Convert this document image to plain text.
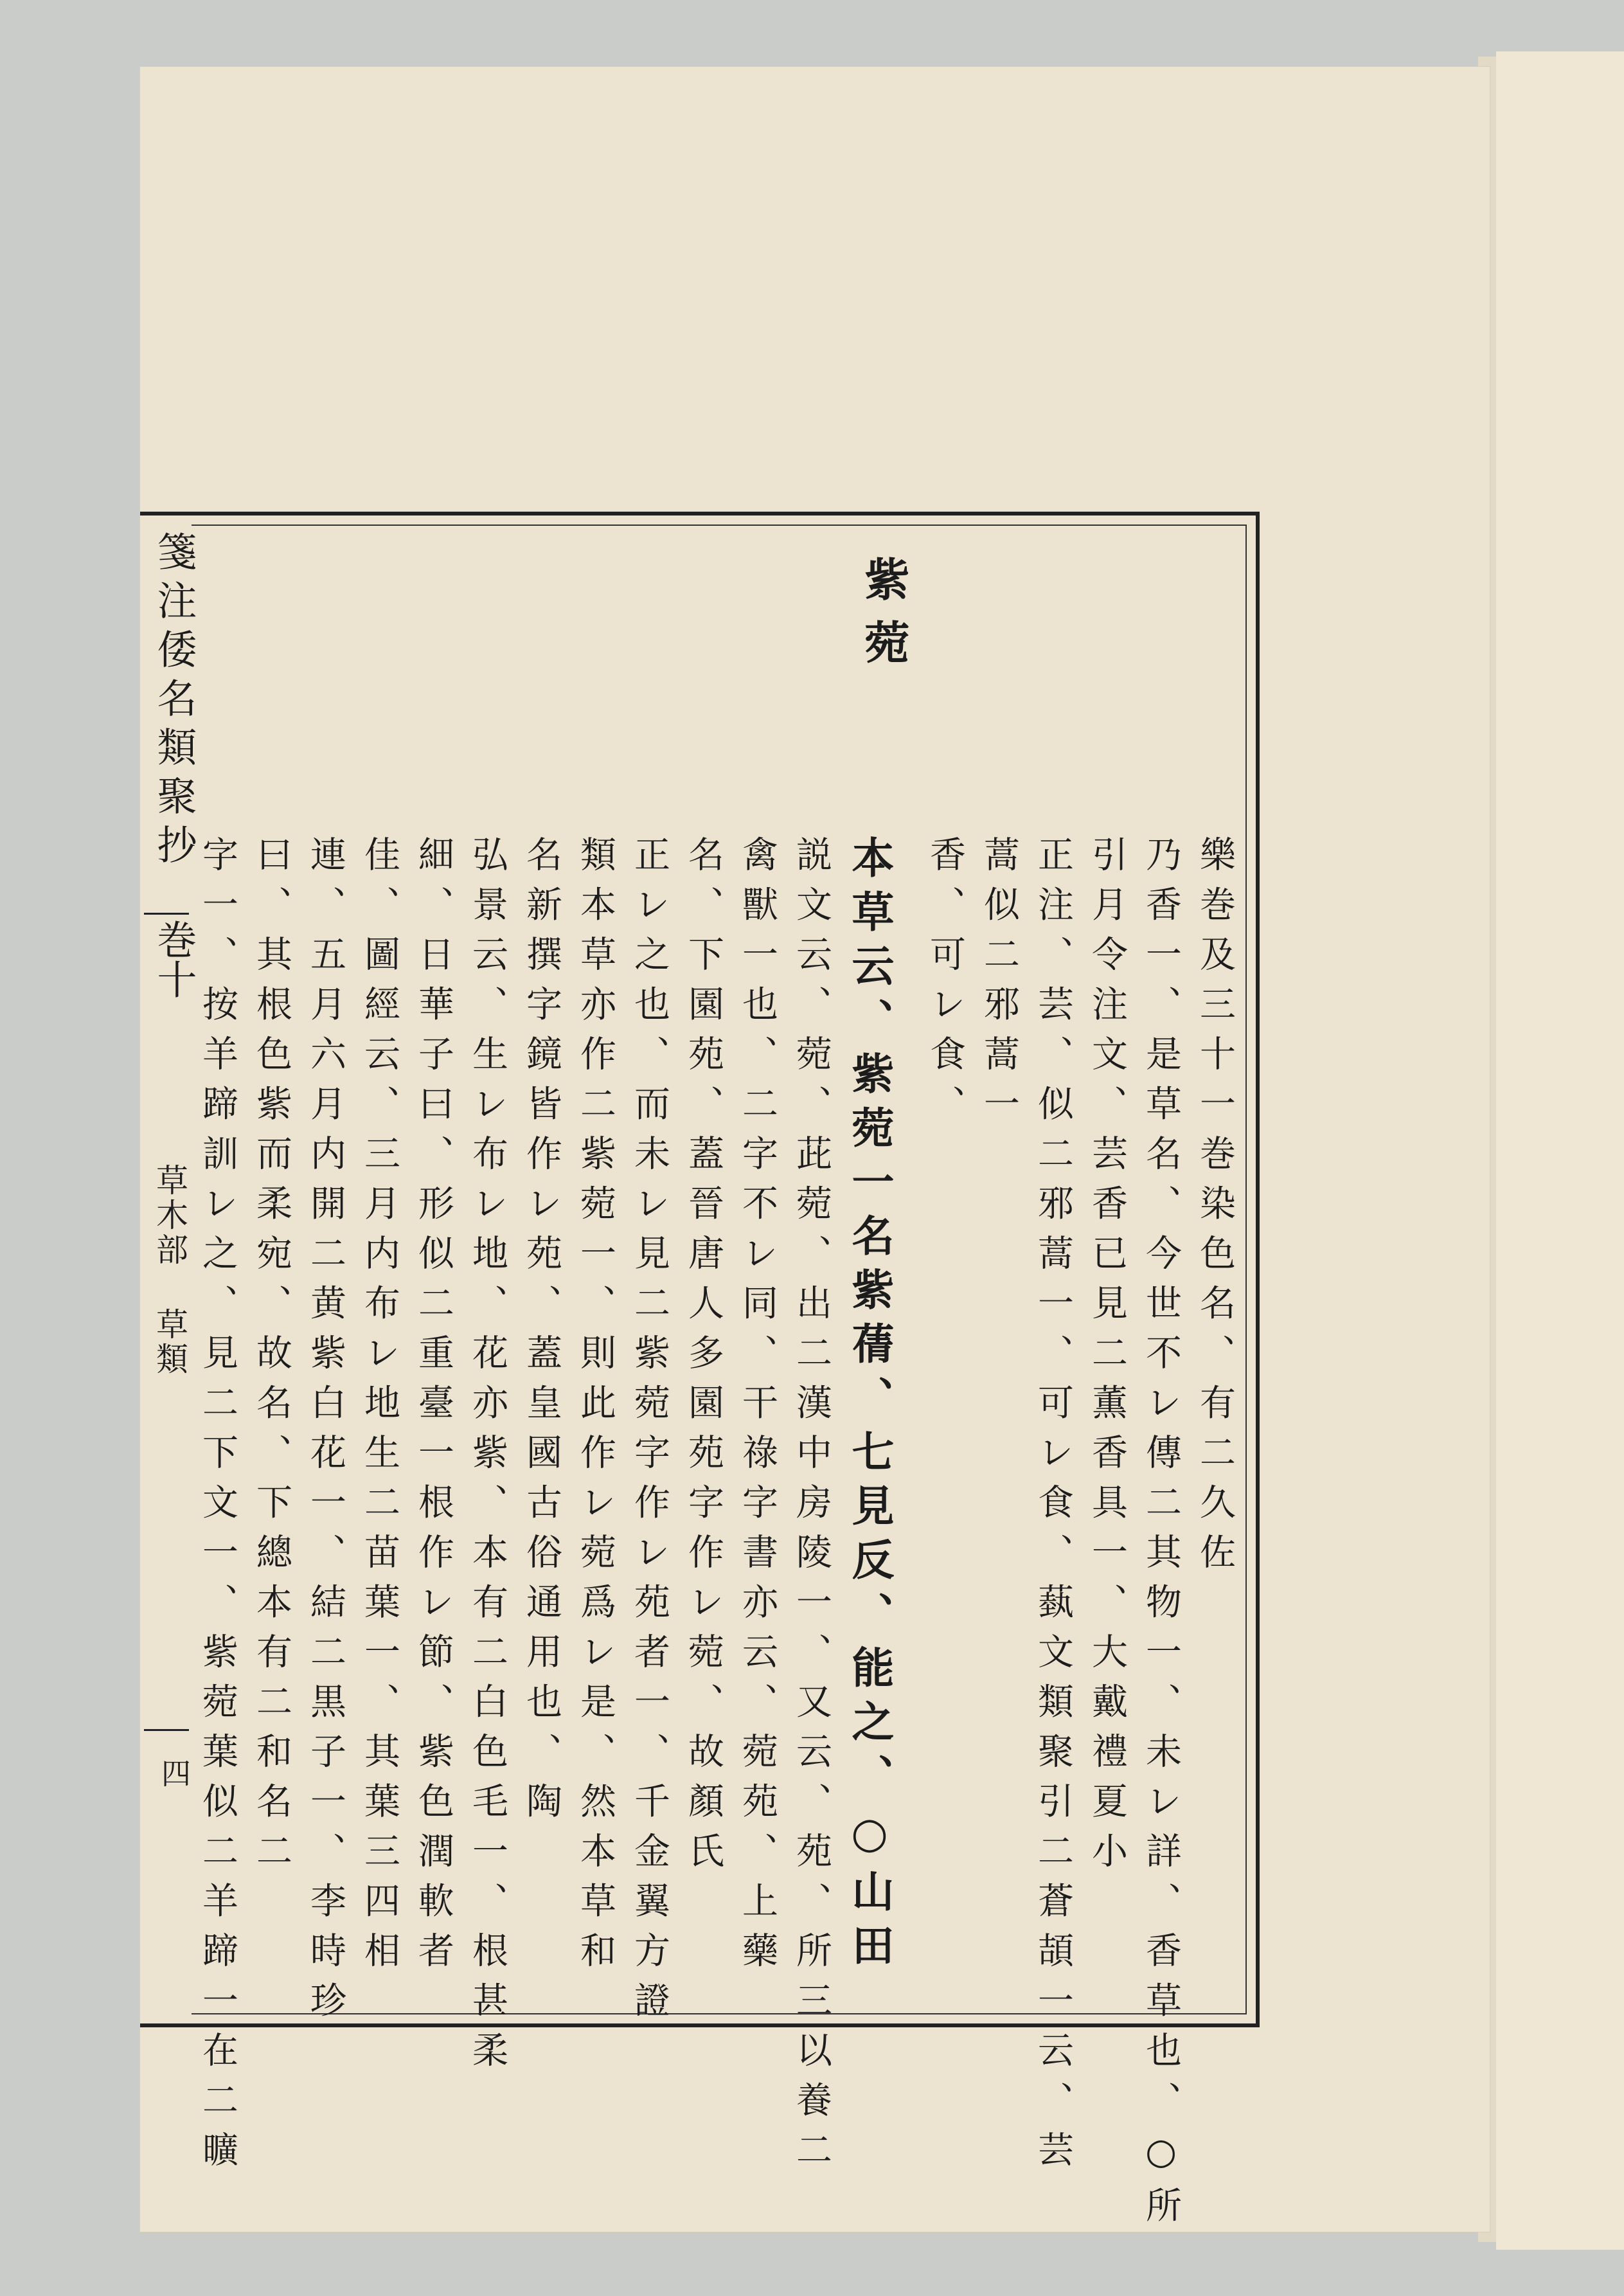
箋注倭名類聚抄
巻十
草木部 草類
四
紫菀
樂巻及三十一巻染色名、有二久佐
乃香一、是草名、今世不レ傳二其物一、未レ詳、香草也、○所
引月令注文、芸香已見二薫香具一、大戴禮夏小
正注、芸、似二邪蒿一、可レ食、蓺文類聚引二蒼頡一云、芸
蒿似二邪蒿一
香、可レ食、
本草云、紫菀一名紫蒨、七見反、能之、○山田
説文云、菀、茈菀、出二漢中房陵一、又云、苑、所三以養二
禽獸一也、二字不レ同、干祿字書亦云、菀苑、上藥
名、下園苑、蓋晉唐人多園苑字作レ菀、故顏氏
正レ之也、而未レ見二紫菀字作レ苑者一、千金翼方證
類本草亦作二紫菀一、則此作レ菀爲レ是、然本草和
名新撰字鏡皆作レ苑、蓋皇國古俗通用也、陶
弘景云、生レ布レ地、花亦紫、本有二白色毛一、根甚柔
細、日華子曰、形似二重臺一根作レ節、紫色潤軟者
佳、圖經云、三月内布レ地生二苗葉一、其葉三四相
連、五月六月内開二黄紫白花一、結二黒子一、李時珍
曰、其根色紫而柔宛、故名、下總本有二和名二
字一、按羊蹄訓レ之、見二下文一、紫菀葉似二羊蹄一在二曠
